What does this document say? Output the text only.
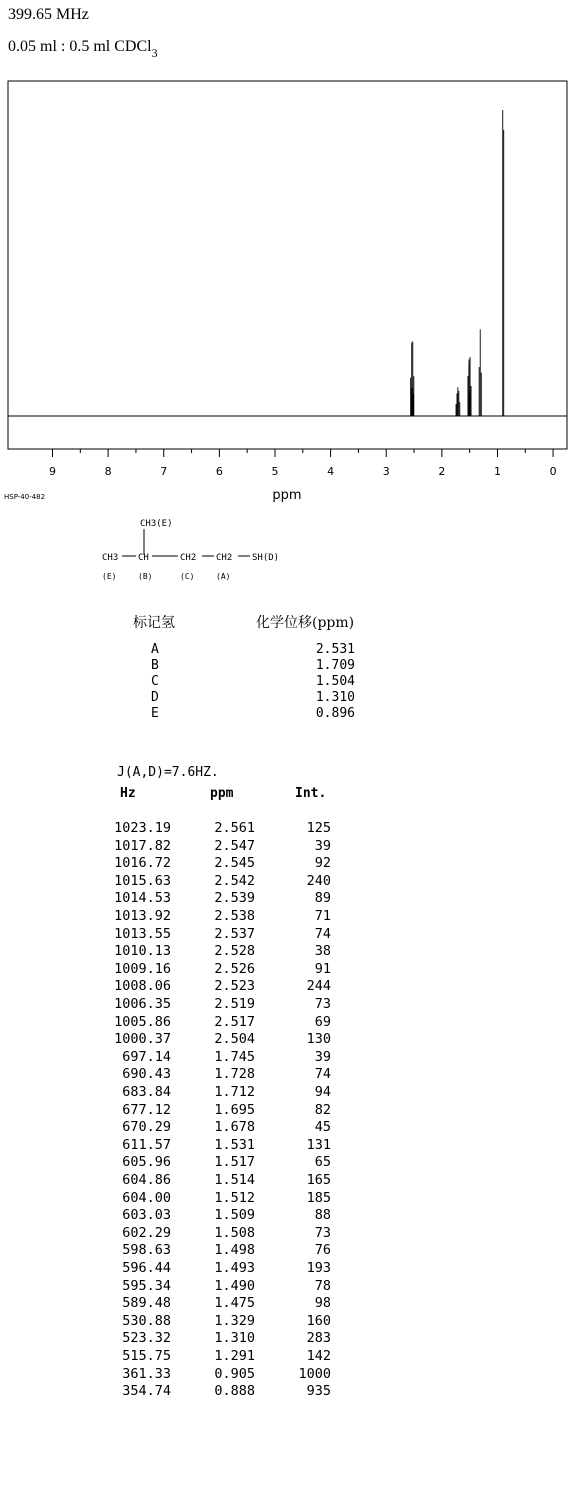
399.65 MHz
0.05 ml : 0.5 ml CDCl$_3$
9	8	7	6	5	4	3	2	1	0
HSP-40-482	ppm
CH3(E)
CH3 CH	CH2 CH2 SH(D)
(E)	(B)	(C)	(A)
标记氢	化学位移(ppm)
A	2.531
B	1.709
C	1.504
D	1.310
E	0.896
J(A,D)=7.6HZ.
Hz	ppm	Int.
1023.19	2.561	125
1017.82	2.547	39
1016.72	2.545	92
1015.63	2.542	240
1014.53	2.539	89
1013.92	2.538	71
1013.55	2.537	74
1010.13	2.528	38
1009.16	2.526	91
1008.06	2.523	244
1006.35	2.519	73
1005.86	2.517	69
1000.37	2.504	130
697.14	1.745	39
690.43	1.728	74
683.84	1.712	94
677.12	1.695	82
670.29	1.678	45
611.57	1.531	131
605.96	1.517	65
604.86	1.514	165
604.00	1.512	185
603.03	1.509	88
602.29	1.508	73
598.63	1.498	76
596.44	1.493	193
595.34	1.490	78
589.48	1.475	98
530.88	1.329	160
523.32	1.310	283
515.75	1.291	142
361.33	0.905	1000
354.74	0.888	935
